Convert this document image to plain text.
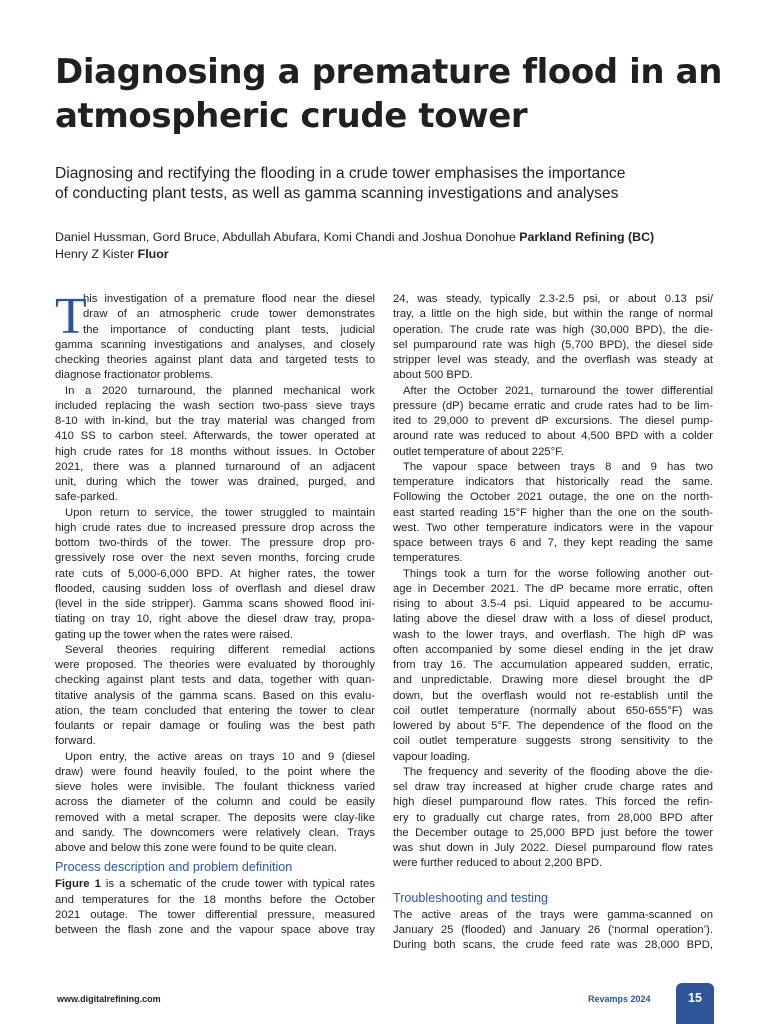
Diagnosing a premature flood in an
atmospheric crude tower
Diagnosing and rectifying the flooding in a crude tower emphasises the importance
of conducting plant tests, as well as gamma scanning investigations and analyses
Daniel Hussman, Gord Bruce, Abdullah Abufara, Komi Chandi and Joshua Donohue Parkland Refining (BC)
Henry Z Kister Fluor
T
his investigation of a premature flood near the diesel
draw of an atmospheric crude tower demonstrates
the importance of conducting plant tests, judicial
gamma scanning investigations and analyses, and closely
checking theories against plant data and targeted tests to
diagnose fractionator problems.
In a 2020 turnaround, the planned mechanical work
included replacing the wash section two-pass sieve trays
8-10 with in-kind, but the tray material was changed from
410 SS to carbon steel. Afterwards, the tower operated at
high crude rates for 18 months without issues. In October
2021, there was a planned turnaround of an adjacent
unit, during which the tower was drained, purged, and
safe-parked.
Upon return to service, the tower struggled to maintain
high crude rates due to increased pressure drop across the
bottom two-thirds of the tower. The pressure drop pro-
gressively rose over the next seven months, forcing crude
rate cuts of 5,000-6,000 BPD. At higher rates, the tower
flooded, causing sudden loss of overflash and diesel draw
(level in the side stripper). Gamma scans showed flood ini-
tiating on tray 10, right above the diesel draw tray, propa-
gating up the tower when the rates were raised.
Several theories requiring different remedial actions
were proposed. The theories were evaluated by thoroughly
checking against plant tests and data, together with quan-
titative analysis of the gamma scans. Based on this evalu-
ation, the team concluded that entering the tower to clear
foulants or repair damage or fouling was the best path
forward.
Upon entry, the active areas on trays 10 and 9 (diesel
draw) were found heavily fouled, to the point where the
sieve holes were invisible. The foulant thickness varied
across the diameter of the column and could be easily
removed with a metal scraper. The deposits were clay-like
and sandy. The downcomers were relatively clean. Trays
above and below this zone were found to be quite clean.
Process description and problem definition
Figure 1 is a schematic of the crude tower with typical rates
and temperatures for the 18 months before the October
2021 outage. The tower differential pressure, measured
between the flash zone and the vapour space above tray
24, was steady, typically 2.3-2.5 psi, or about 0.13 psi/
tray, a little on the high side, but within the range of normal
operation. The crude rate was high (30,000 BPD), the die-
sel pumparound rate was high (5,700 BPD), the diesel side
stripper level was steady, and the overflash was steady at
about 500 BPD.
After the October 2021, turnaround the tower differential
pressure (dP) became erratic and crude rates had to be lim-
ited to 29,000 to prevent dP excursions. The diesel pump-
around rate was reduced to about 4,500 BPD with a colder
outlet temperature of about 225°F.
The vapour space between trays 8 and 9 has two
temperature indicators that historically read the same.
Following the October 2021 outage, the one on the north-
east started reading 15°F higher than the one on the south-
west. Two other temperature indicators were in the vapour
space between trays 6 and 7, they kept reading the same
temperatures.
Things took a turn for the worse following another out-
age in December 2021. The dP became more erratic, often
rising to about 3.5-4 psi. Liquid appeared to be accumu-
lating above the diesel draw with a loss of diesel product,
wash to the lower trays, and overflash. The high dP was
often accompanied by some diesel ending in the jet draw
from tray 16. The accumulation appeared sudden, erratic,
and unpredictable. Drawing more diesel brought the dP
down, but the overflash would not re-establish until the
coil outlet temperature (normally about 650-655°F) was
lowered by about 5°F. The dependence of the flood on the
coil outlet temperature suggests strong sensitivity to the
vapour loading.
The frequency and severity of the flooding above the die-
sel draw tray increased at higher crude charge rates and
high diesel pumparound flow rates. This forced the refin-
ery to gradually cut charge rates, from 28,000 BPD after
the December outage to 25,000 BPD just before the tower
was shut down in July 2022. Diesel pumparound flow rates
were further reduced to about 2,200 BPD.
Troubleshooting and testing
The active areas of the trays were gamma-scanned on
January 25 (flooded) and January 26 (‘normal operation’).
During both scans, the crude feed rate was 28,000 BPD,
www.digitalrefining.com	Revamps 2024	15
